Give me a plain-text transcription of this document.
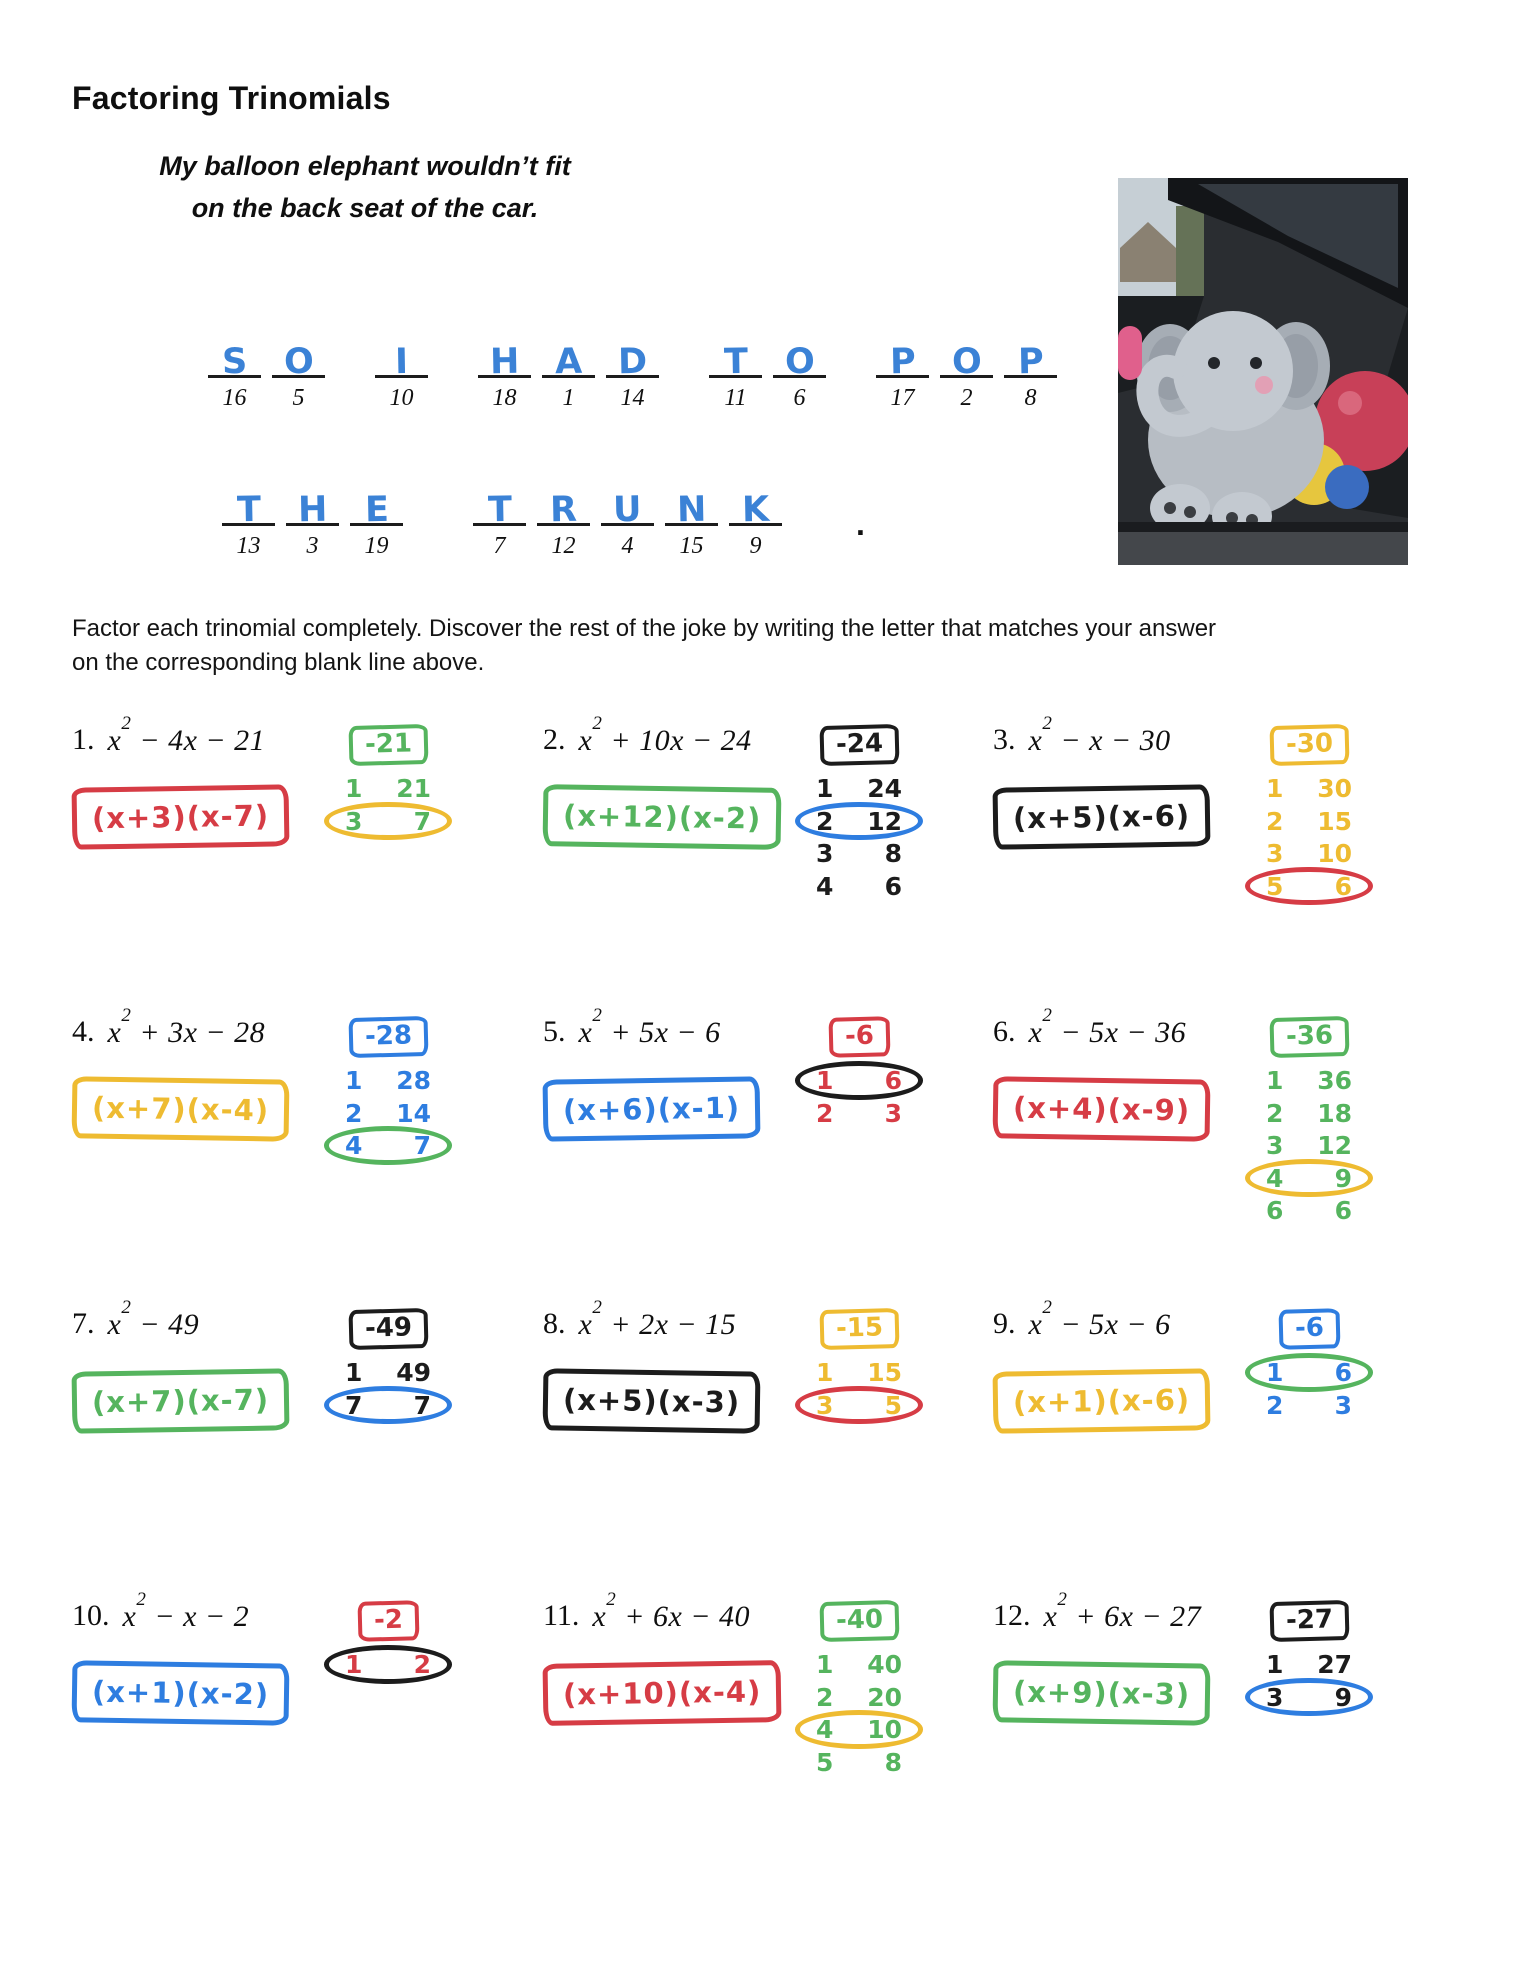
Factoring Trinomials
My balloon elephant wouldn’t fit
on the back seat of the car.
S
16
O
5
I
10
H
18
A
1
D
14
T
11
O
6
P
17
O
2
P
8
T
13
H
3
E
19
T
7
R
12
U
4
N
15
K
9
.
Factor each trinomial completely. Discover the rest of the joke by writing the letter that matches your answer
on the corresponding blank line above.
1. $x^2 - 4x - 21$
(x+3)(x-7)
-21
1 21
3 7
2. $x^2 + 10x - 24$
(x+12)(x-2)
-24
1 24
2 12
3 8
4 6
3. $x^2 - x - 30$
(x+5)(x-6)
-30
1 30
2 15
3 10
5 6
4. $x^2 + 3x - 28$
(x+7)(x-4)
-28
1 28
2 14
4 7
5. $x^2 + 5x - 6$
(x+6)(x-1)
-6
1 6
2 3
6. $x^2 - 5x - 36$
(x+4)(x-9)
-36
1 36
2 18
3 12
4 9
6 6
7. $x^2 - 49$
(x+7)(x-7)
-49
1 49
7 7
8. $x^2 + 2x - 15$
(x+5)(x-3)
-15
1 15
3 5
9. $x^2 - 5x - 6$
(x+1)(x-6)
-6
1 6
2 3
10. $x^2 - x - 2$
(x+1)(x-2)
-2
1 2
11. $x^2 + 6x - 40$
(x+10)(x-4)
-40
1 40
2 20
4 10
5 8
12. $x^2 + 6x - 27$
(x+9)(x-3)
-27
1 27
3 9
